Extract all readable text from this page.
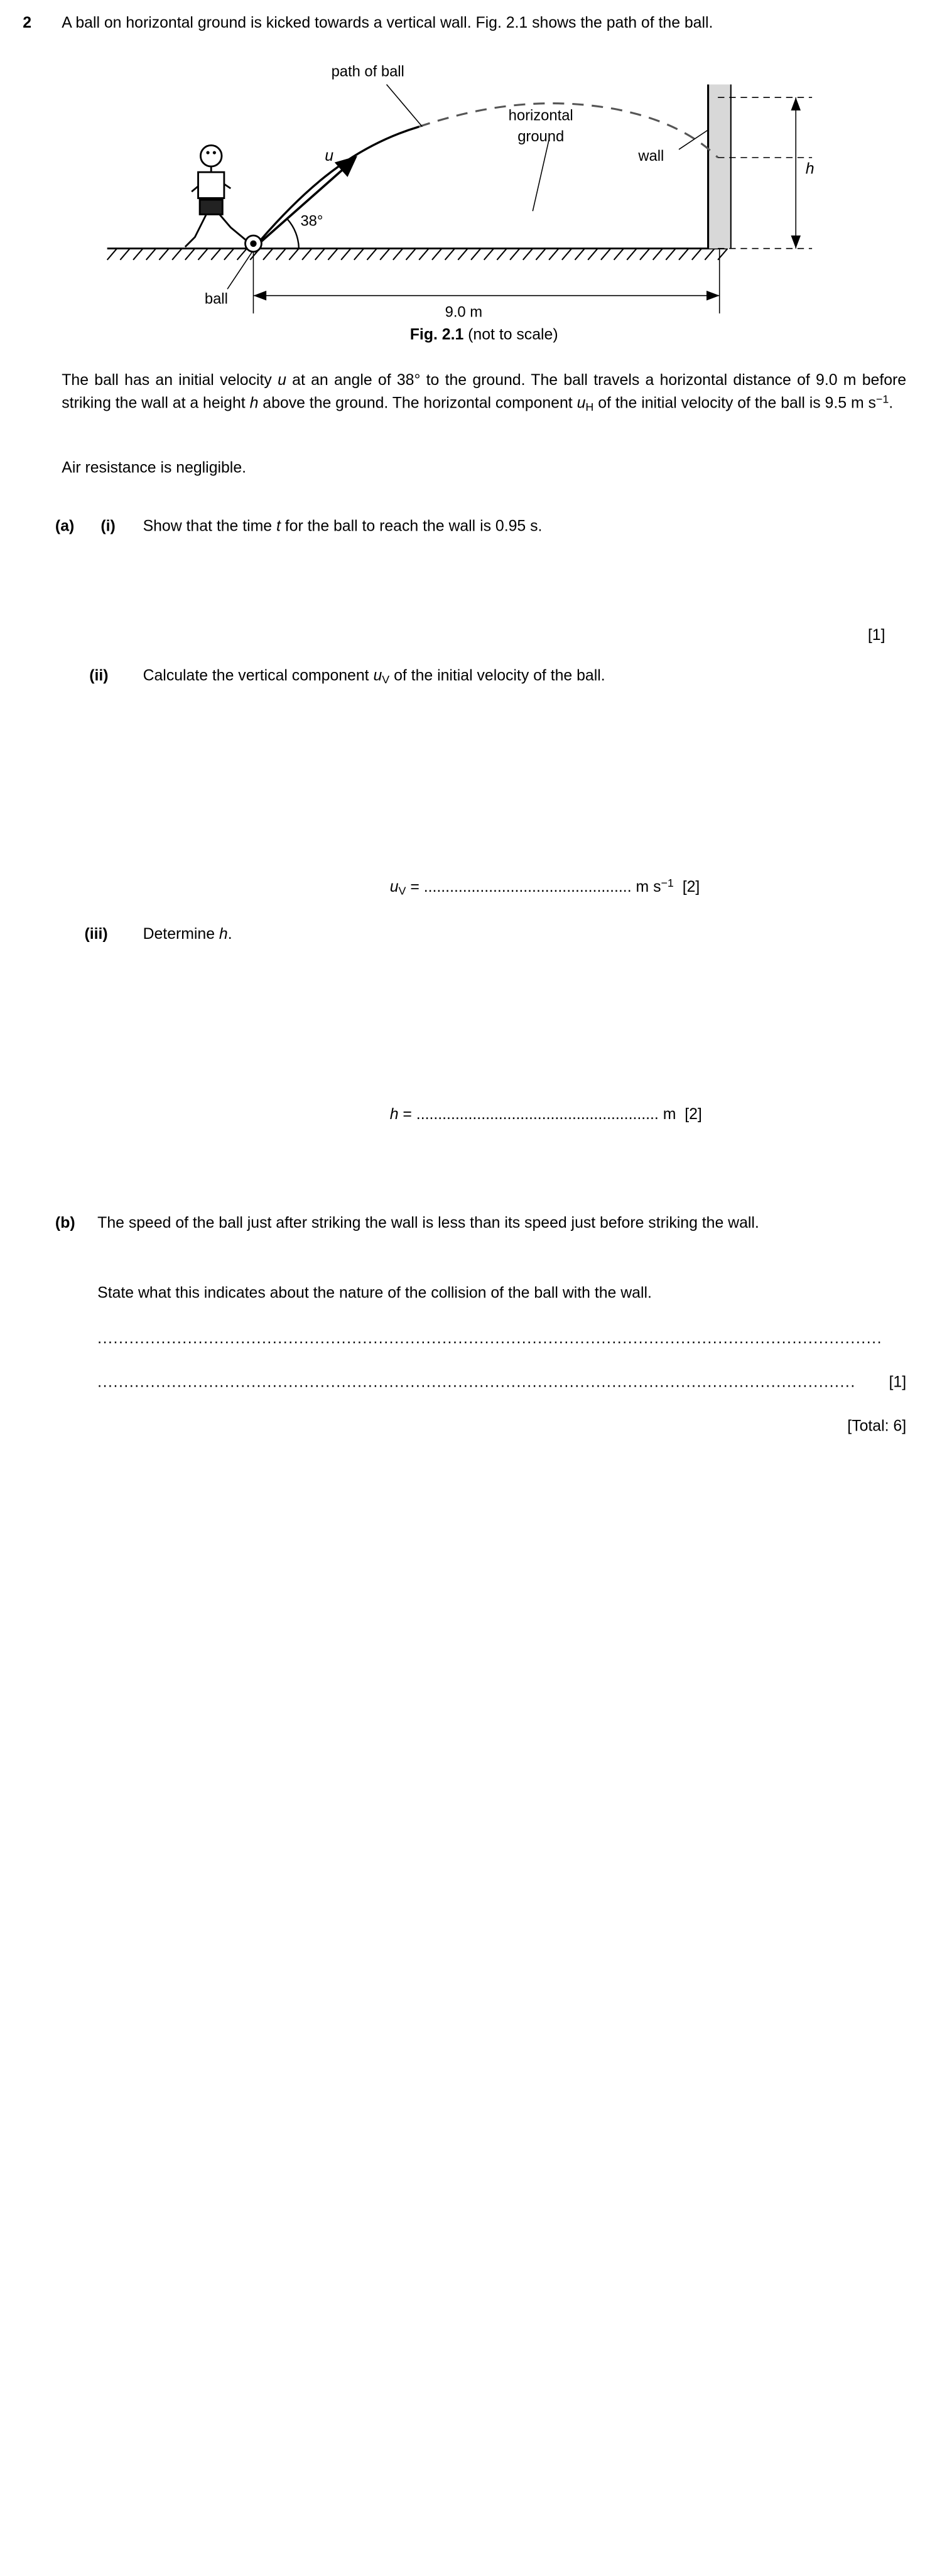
2	A ball on horizontal ground is kicked towards a vertical wall. Fig. 2.1 shows the path of the ball.
path of ball
horizontal
ground
wall
ball
u
38°
h
9.0 m
Fig. 2.1 (not to scale)
The ball has an initial velocity u at an angle of 38° to the ground. The ball travels a horizontal distance of 9.0 m before striking the wall at a height h above the ground. The horizontal component $u_H$ of the initial velocity of the ball is 9.5 m $s^{-1}$.
Air resistance is negligible.
(a)	(i)	Show that the time t for the ball to reach the wall is 0.95 s.
[1]
(ii)	Calculate the vertical component $u_V$ of the initial velocity of the ball.
$u_V$ = ................................................ m $s^{-1}$ [2]
(iii)	Determine h.
h = ........................................................ m [2]
(b)	The speed of the ball just after striking the wall is less than its speed just before striking the wall.
State what this indicates about the nature of the collision of the ball with the wall.
....................................................................................................................................................
...............................................................................................................................................	[1]
[Total: 6]
